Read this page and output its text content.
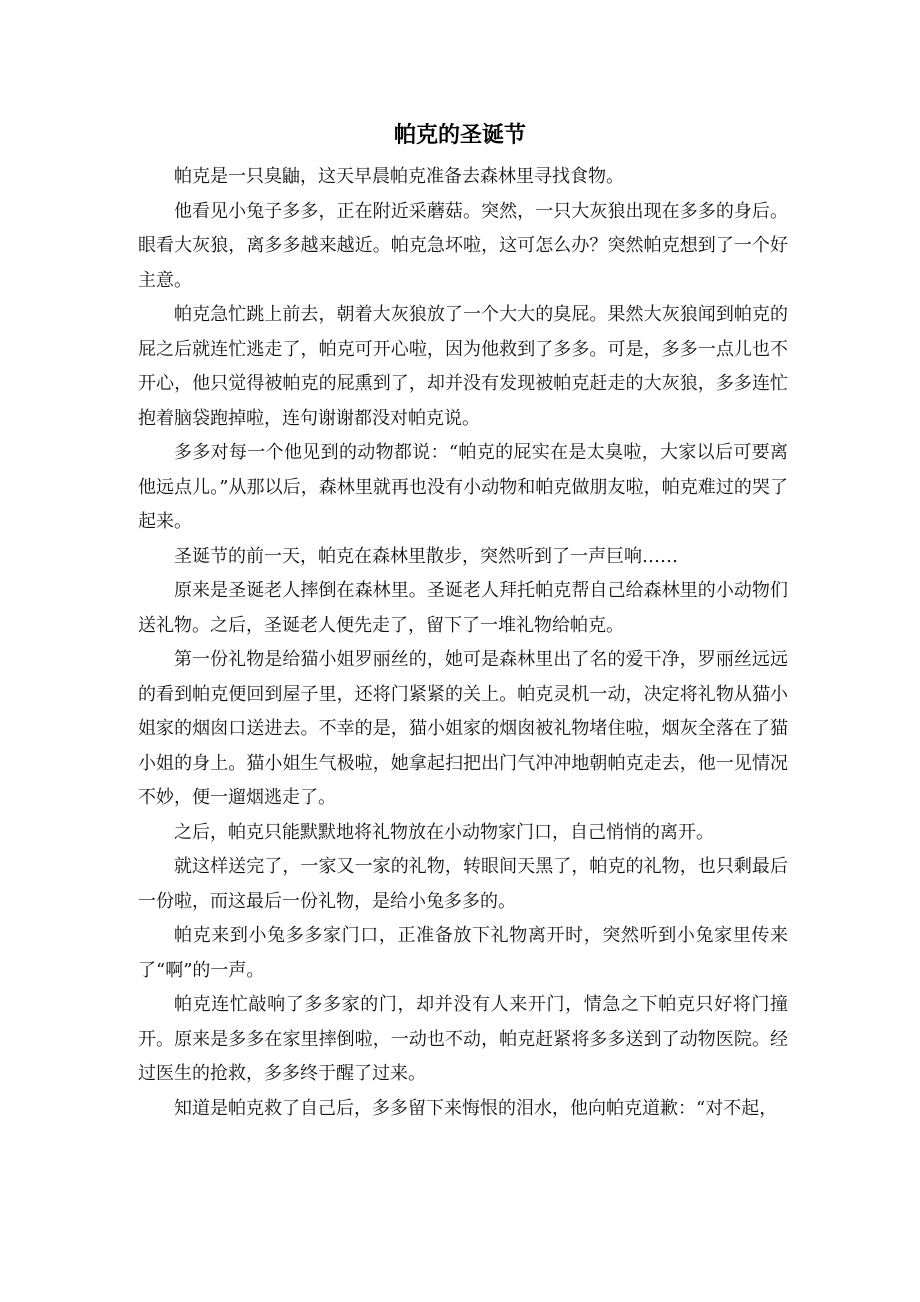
帕克的圣诞节

帕克是一只臭鼬，这天早晨帕克准备去森林里寻找食物。

他看见小兔子多多，正在附近采蘑菇。突然，一只大灰狼出现在多多的身后。眼看大灰狼，离多多越来越近。帕克急坏啦，这可怎么办？突然帕克想到了一个好主意。

帕克急忙跳上前去，朝着大灰狼放了一个大大的臭屁。果然大灰狼闻到帕克的屁之后就连忙逃走了，帕克可开心啦，因为他救到了多多。可是，多多一点儿也不开心，他只觉得被帕克的屁熏到了，却并没有发现被帕克赶走的大灰狼，多多连忙抱着脑袋跑掉啦，连句谢谢都没对帕克说。

多多对每一个他见到的动物都说：“帕克的屁实在是太臭啦，大家以后可要离他远点儿。”从那以后，森林里就再也没有小动物和帕克做朋友啦，帕克难过的哭了起来。

圣诞节的前一天，帕克在森林里散步，突然听到了一声巨响……

原来是圣诞老人摔倒在森林里。圣诞老人拜托帕克帮自己给森林里的小动物们送礼物。之后，圣诞老人便先走了，留下了一堆礼物给帕克。

第一份礼物是给猫小姐罗丽丝的，她可是森林里出了名的爱干净，罗丽丝远远的看到帕克便回到屋子里，还将门紧紧的关上。帕克灵机一动，决定将礼物从猫小姐家的烟囱口送进去。不幸的是，猫小姐家的烟囱被礼物堵住啦，烟灰全落在了猫小姐的身上。猫小姐生气极啦，她拿起扫把出门气冲冲地朝帕克走去，他一见情况不妙，便一遛烟逃走了。

之后，帕克只能默默地将礼物放在小动物家门口，自己悄悄的离开。

就这样送完了，一家又一家的礼物，转眼间天黑了，帕克的礼物，也只剩最后一份啦，而这最后一份礼物，是给小兔多多的。

帕克来到小兔多多家门口，正准备放下礼物离开时，突然听到小兔家里传来了“啊”的一声。

帕克连忙敲响了多多家的门，却并没有人来开门，情急之下帕克只好将门撞开。原来是多多在家里摔倒啦，一动也不动，帕克赶紧将多多送到了动物医院。经过医生的抢救，多多终于醒了过来。

知道是帕克救了自己后，多多留下来悔恨的泪水，他向帕克道歉：“对不起，
